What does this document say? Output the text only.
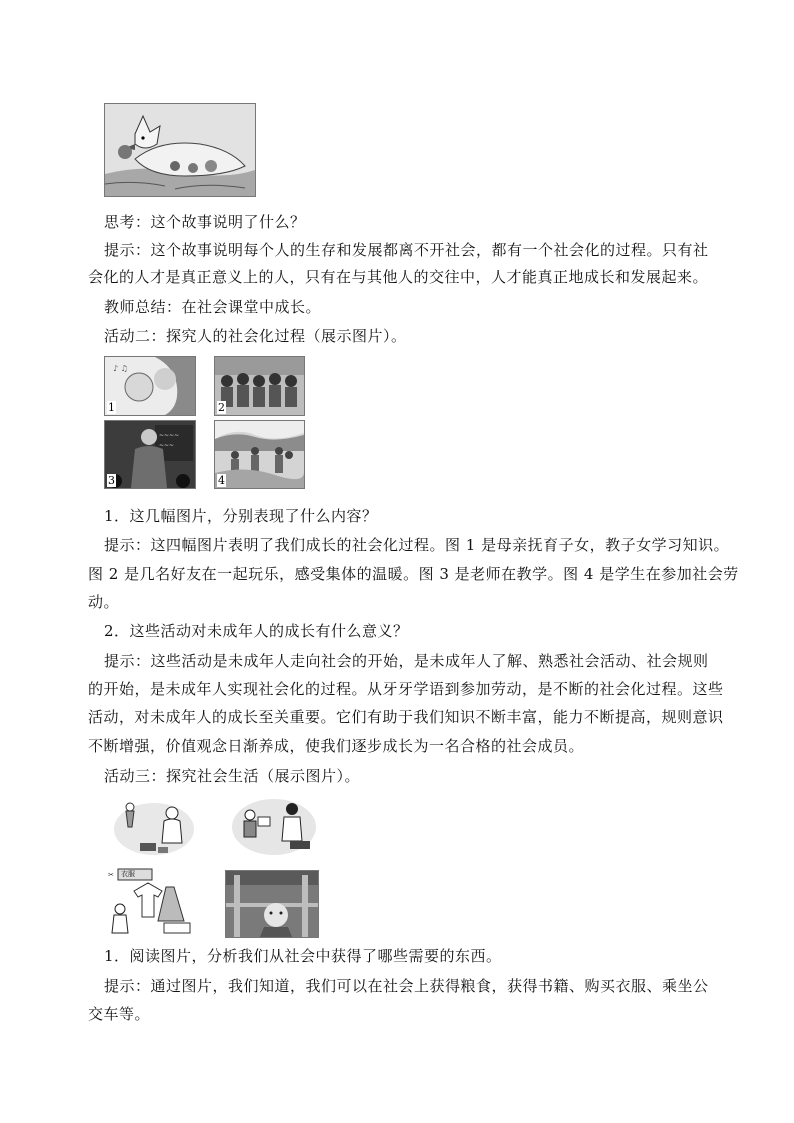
思考：这个故事说明了什么？
提示：这个故事说明每个人的生存和发展都离不开社会，都有一个社会化的过程。只有社
会化的人才是真正意义上的人，只有在与其他人的交往中，人才能真正地成长和发展起来。
教师总结：在社会课堂中成长。
活动二：探究人的社会化过程（展示图片）。
♪ ♫
1	2
~~~~
~~~
3	4
1．这几幅图片，分别表现了什么内容？
提示：这四幅图片表明了我们成长的社会化过程。图 1 是母亲抚育子女，教子女学习知识。
图 2 是几名好友在一起玩乐，感受集体的温暖。图 3 是老师在教学。图 4 是学生在参加社会劳
动。
2．这些活动对未成年人的成长有什么意义？
提示：这些活动是未成年人走向社会的开始，是未成年人了解、熟悉社会活动、社会规则
的开始，是未成年人实现社会化的过程。从牙牙学语到参加劳动，是不断的社会化过程。这些
活动，对未成年人的成长至关重要。它们有助于我们知识不断丰富，能力不断提高，规则意识
不断增强，价值观念日渐养成，使我们逐步成长为一名合格的社会成员。
活动三：探究社会生活（展示图片）。
✂ 衣服
1．阅读图片，分析我们从社会中获得了哪些需要的东西。
提示：通过图片，我们知道，我们可以在社会上获得粮食，获得书籍、购买衣服、乘坐公
交车等。
